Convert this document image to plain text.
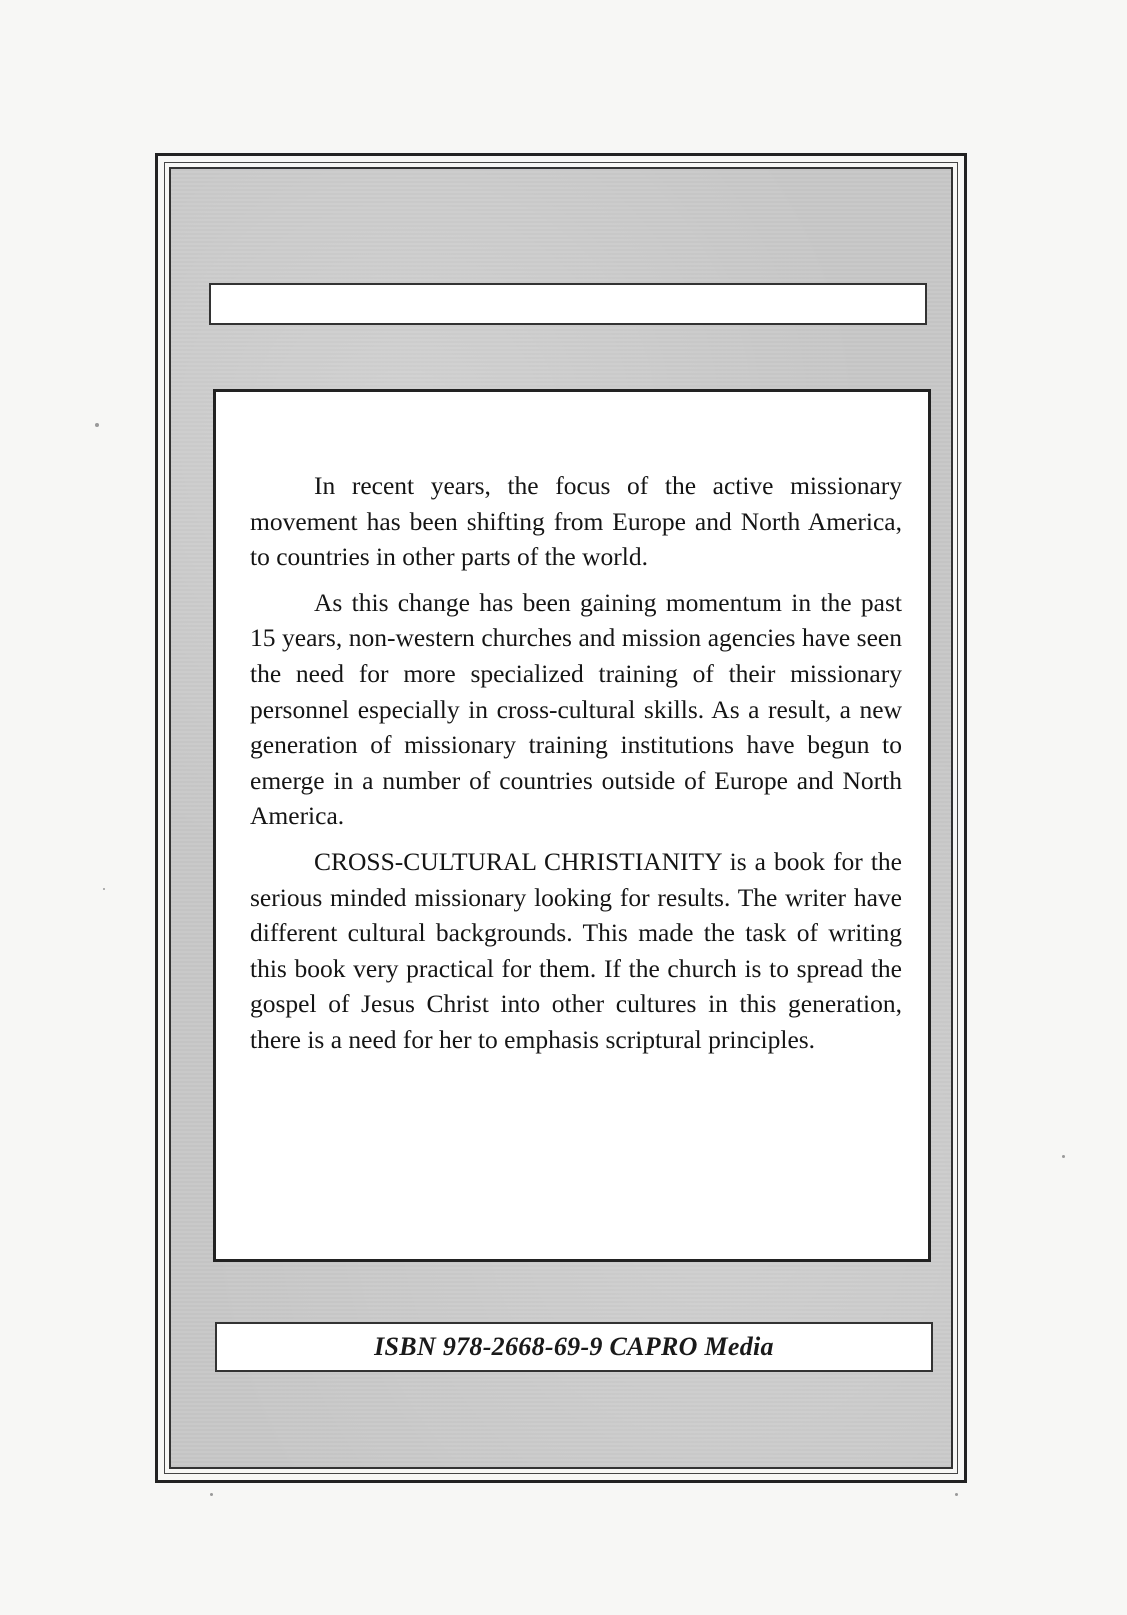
In recent years, the focus of the active missionary movement has been shifting from Europe and North America, to countries in other parts of the world.

As this change has been gaining momentum in the past 15 years, non-western churches and mission agencies have seen the need for more specialized training of their missionary personnel especially in cross-cultural skills. As a result, a new generation of missionary training institutions have begun to emerge in a number of countries outside of Europe and North America.

CROSS-CULTURAL CHRISTIANITY is a book for the serious minded missionary looking for results. The writer have different cultural backgrounds. This made the task of writing this book very practical for them. If the church is to spread the gospel of Jesus Christ into other cultures in this generation, there is a need for her to emphasis scriptural principles.

ISBN 978-2668-69-9 CAPRO Media
